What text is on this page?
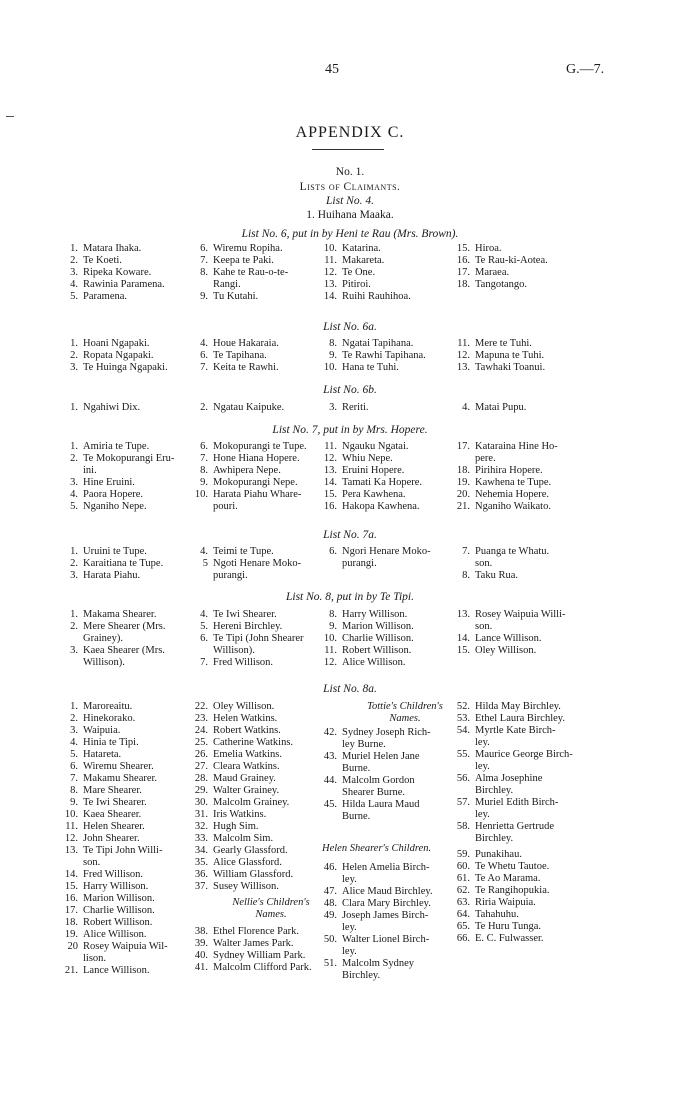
45	G.—7.
APPENDIX C.
No. 1.
Lists of Claimants.
List No. 4.
1. Huihana Maaka.
List No. 6, put in by Heni te Rau (Mrs. Brown).
1. Matara Ihaka.
2. Te Koeti.
3. Ripeka Koware.
4. Rawinia Paramena.
5. Paramena.
6. Wiremu Ropiha.
7. Keepa te Paki.
8. Kahe te Rau-o-te-
Rangi.
9. Tu Kutahi.
10. Katarina.
11. Makareta.
12. Te One.
13. Pitiroi.
14. Ruihi Rauhihoa.
15. Hiroa.
16. Te Rau-ki-Aotea.
17. Maraea.
18. Tangotango.
List No. 6a.
1. Hoani Ngapaki.
2. Ropata Ngapaki.
3. Te Huinga Ngapaki.
4. Houe Hakaraia.
6. Te Tapihana.
7. Keita te Rawhi.
8. Ngatai Tapihana.
9. Te Rawhi Tapihana.
10. Hana te Tuhi.
11. Mere te Tuhi.
12. Mapuna te Tuhi.
13. Tawhaki Toanui.
List No. 6b.
1. Ngahiwi Dix.	2. Ngatau Kaipuke.	3. Reriti.	4. Matai Pupu.
List No. 7, put in by Mrs. Hopere.
1. Amiria te Tupe.
2. Te Mokopurangi Eru-
ini.
3. Hine Eruini.
4. Paora Hopere.
5. Nganiho Nepe.
6. Mokopurangi te Tupe.
7. Hone Hiana Hopere.
8. Awhipera Nepe.
9. Mokopurangi Nepe.
10. Harata Piahu Whare-
pouri.
11. Ngauku Ngatai.
12. Whiu Nepe.
13. Eruini Hopere.
14. Tamati Ka Hopere.
15. Pera Kawhena.
16. Hakopa Kawhena.
17. Kataraina Hine Ho-
pere.
18. Pirihira Hopere.
19. Kawhena te Tupe.
20. Nehemia Hopere.
21. Nganiho Waikato.
List No. 7a.
1. Uruini te Tupe.
2. Karaitiana te Tupe.
3. Harata Piahu.
4. Teimi te Tupe.
5 Ngoti Henare Moko-
purangi.
6. Ngori Henare Moko-
purangi.
7. Puanga te Whatu.
son.
8. Taku Rua.
List No. 8, put in by Te Tipi.
1. Makama Shearer.
2. Mere Shearer (Mrs.
Grainey).
3. Kaea Shearer (Mrs.
Willison).
4. Te Iwi Shearer.
5. Hereni Birchley.
6. Te Tipi (John Shearer
Willison).
7. Fred Willison.
8. Harry Willison.
9. Marion Willison.
10. Charlie Willison.
11. Robert Willison.
12. Alice Willison.
13. Rosey Waipuia Willi-
son.
14. Lance Willison.
15. Oley Willison.
List No. 8a.
1. Maroreaitu.
2. Hinekorako.
3. Waipuia.
4. Hinia te Tipi.
5. Hatareta.
6. Wiremu Shearer.
7. Makamu Shearer.
8. Mare Shearer.
9. Te Iwi Shearer.
10. Kaea Shearer.
11. Helen Shearer.
12. John Shearer.
13. Te Tipi John Willi-
son.
14. Fred Willison.
15. Harry Willison.
16. Marion Willison.
17. Charlie Willison.
18. Robert Willison.
19. Alice Willison.
20 Rosey Waipuia Wil-
lison.
21. Lance Willison.
22. Oley Willison.
23. Helen Watkins.
24. Robert Watkins.
25. Catherine Watkins.
26. Emelia Watkins.
27. Cleara Watkins.
28. Maud Grainey.
29. Walter Grainey.
30. Malcolm Grainey.
31. Iris Watkins.
32. Hugh Sim.
33. Malcolm Sim.
34. Gearly Glassford.
35. Alice Glassford.
36. William Glassford.
37. Susey Willison.
Nellie's Children's
Names.
38. Ethel Florence Park.
39. Walter James Park.
40. Sydney William Park.
41. Malcolm Clifford Park.
Tottie's Children's
Names.
42. Sydney Joseph Rich-
ley Burne.
43. Muriel Helen Jane
Burne.
44. Malcolm Gordon
Shearer Burne.
45. Hilda Laura Maud
Burne.
Helen Shearer's Children.
46. Helen Amelia Birch-
ley.
47. Alice Maud Birchley.
48. Clara Mary Birchley.
49. Joseph James Birch-
ley.
50. Walter Lionel Birch-
ley.
51. Malcolm Sydney
Birchley.
52. Hilda May Birchley.
53. Ethel Laura Birchley.
54. Myrtle Kate Birch-
ley.
55. Maurice George Birch-
ley.
56. Alma Josephine
Birchley.
57. Muriel Edith Birch-
ley.
58. Henrietta Gertrude
Birchley.
59. Punakihau.
60. Te Whetu Tautoe.
61. Te Ao Marama.
62. Te Rangihopukia.
63. Riria Waipuia.
64. Tahahuhu.
65. Te Huru Tunga.
66. E. C. Fulwasser.
